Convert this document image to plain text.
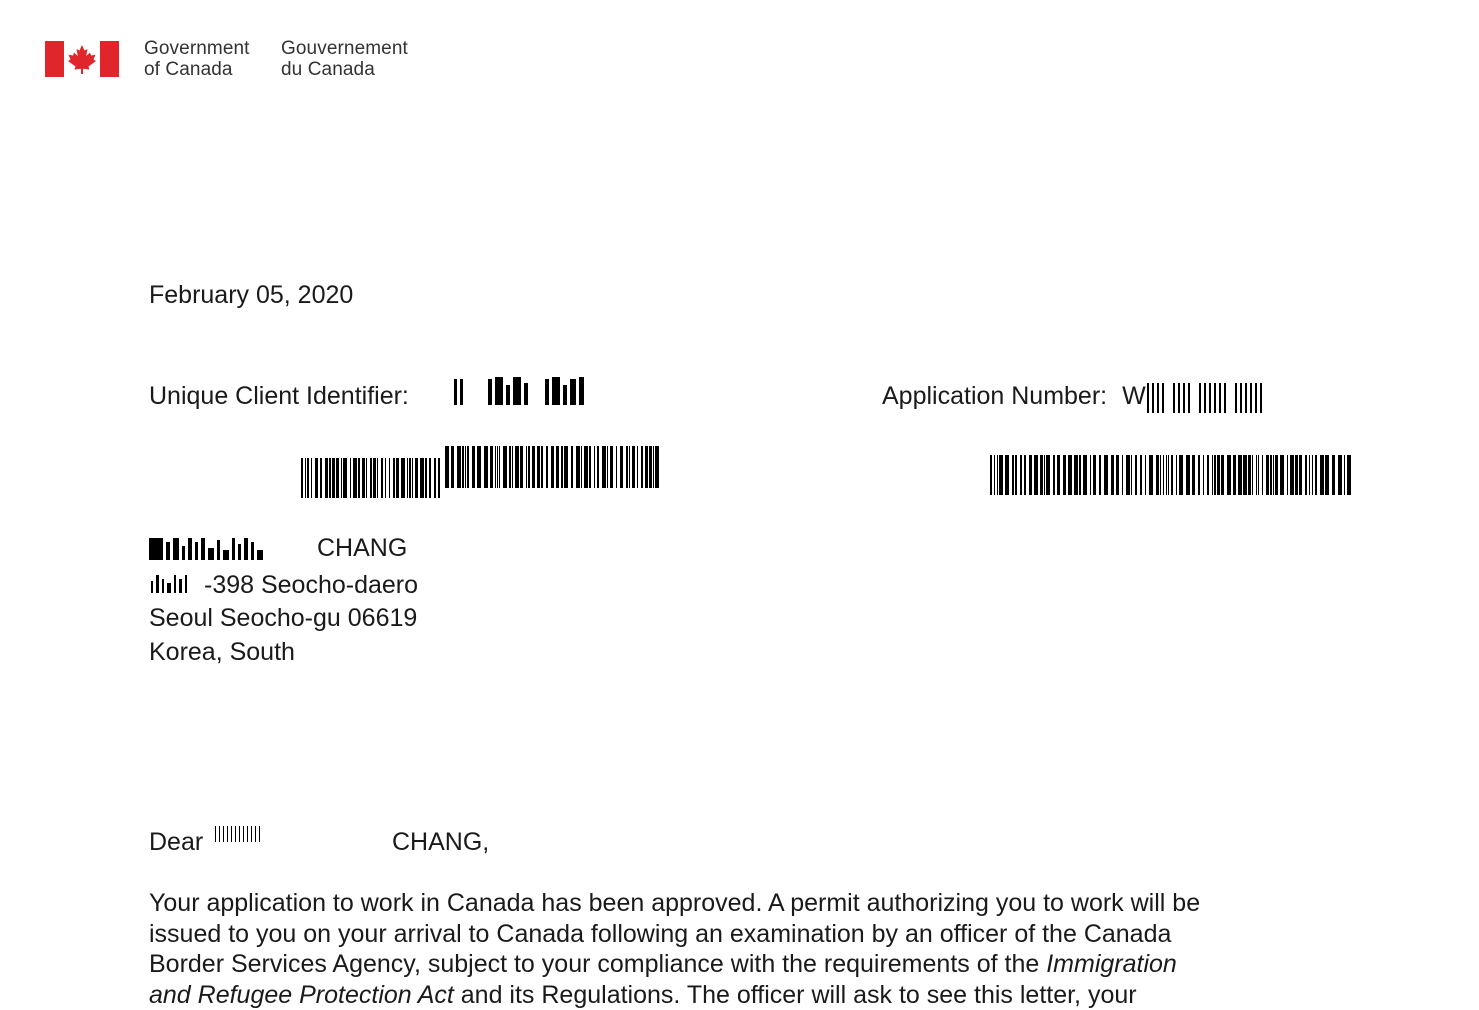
Government
of Canada
Gouvernement
du Canada
February 05, 2020
Unique Client Identifier:	Application Number: W
CHANG
-398 Seocho-daero
Seoul Seocho-gu 06619
Korea, South
Dear	CHANG,

Your application to work in Canada has been approved. A permit authorizing you to work will be

issued to you on your arrival to Canada following an examination by an officer of the Canada

Border Services Agency, subject to your compliance with the requirements of the Immigration

and Refugee Protection Act and its Regulations. The officer will ask to see this letter, your
